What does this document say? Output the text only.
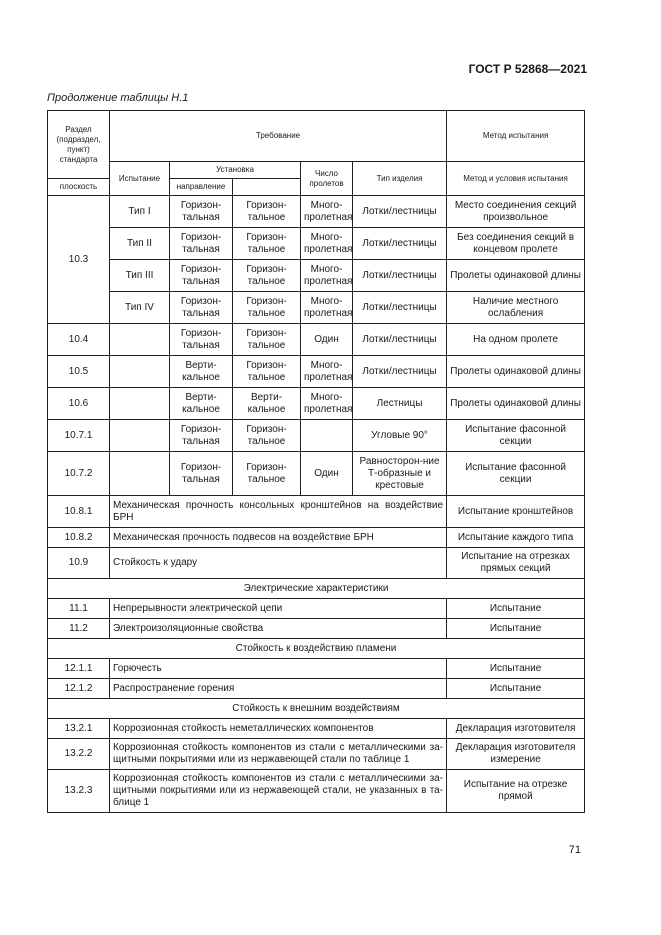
ГОСТ Р 52868—2021
Продолжение таблицы Н.1
Раздел (подраздел, пункт) стандарта	Требование					Метод испытания
	Испытание	Установка		Число пролетов	Тип изделия	Метод и условия испытания
плоскость		направление				
10.3	Тип I	Горизон-тальная	Горизон-тальное	Много-пролетная	Лотки/лестницы	Место соединения секций произвольное
	Тип II	Горизон-тальная	Горизон-тальное	Много-пролетная	Лотки/лестницы	Без соединения секций в концевом пролете
	Тип III	Горизон-тальная	Горизон-тальное	Много-пролетная	Лотки/лестницы	Пролеты одинаковой длины
	Тип IV	Горизон-тальная	Горизон-тальное	Много-пролетная	Лотки/лестницы	Наличие местного ослабления
10.4		Горизон-тальная	Горизон-тальное	Один	Лотки/лестницы	На одном пролете
10.5		Верти-кальное	Горизон-тальное	Много-пролетная	Лотки/лестницы	Пролеты одинаковой длины
10.6		Верти-кальное	Верти-кальное	Много-пролетная	Лестницы	Пролеты одинаковой длины
10.7.1		Горизон-тальная	Горизон-тальное		Угловые 90°	Испытание фасонной секции
10.7.2		Горизон-тальная	Горизон-тальное	Один	Равносторон-ние Т-образные и крестовые	Испытание фасонной секции
10.8.1	Механическая прочность консольных кронштейнов на воздействие БРН					Испытание кронштейнов
10.8.2	Механическая прочность подвесов на воздействие БРН					Испытание каждого типа
10.9	Стойкость к удару					Испытание на отрезках прямых секций
Электрические характеристики						
11.1	Непрерывности электрической цепи					Испытание
11.2	Электроизоляционные свойства					Испытание
Стойкость к воздействию пламени						
12.1.1	Горючесть					Испытание
12.1.2	Распространение горения					Испытание
Стойкость к внешним воздействиям						
13.2.1	Коррозионная стойкость неметаллических компонентов					Декларация изготовителя
13.2.2	Коррозионная стойкость компонентов из стали с металлическими за-щитными покрытиями или из нержавеющей стали по таблице 1					Декларация изготовителя измерение
13.2.3	Коррозионная стойкость компонентов из стали с металлическими за-щитными покрытиями или из нержавеющей стали, не указанных в та-блице 1					Испытание на отрезке прямой
71
